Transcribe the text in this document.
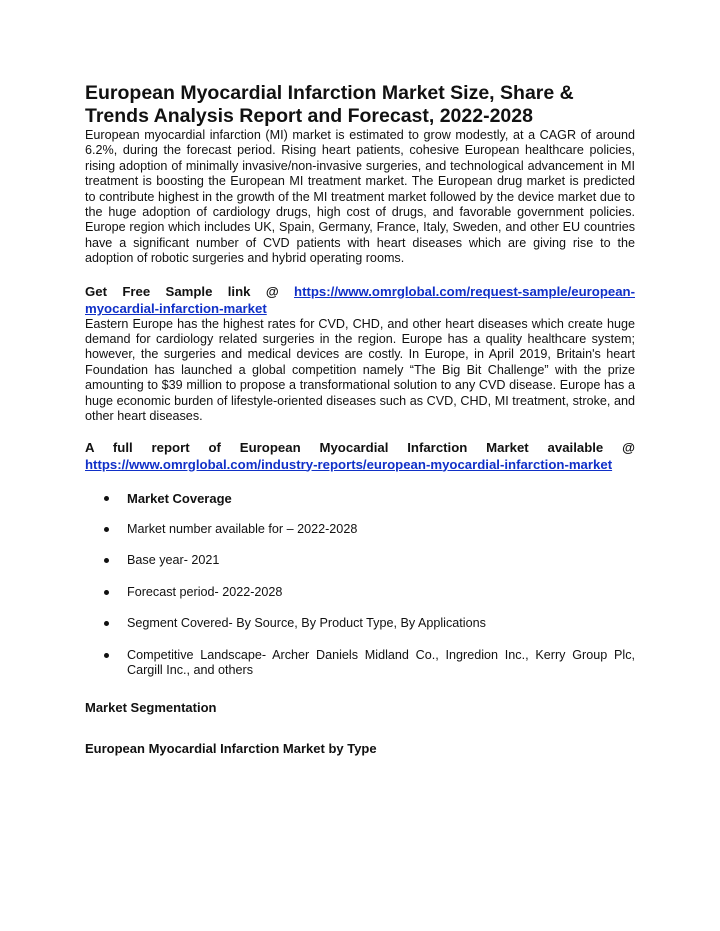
European Myocardial Infarction Market Size, Share & Trends Analysis Report and Forecast, 2022-2028

European myocardial infarction (MI) market is estimated to grow modestly, at a CAGR of around 6.2%, during the forecast period. Rising heart patients, cohesive European healthcare policies, rising adoption of minimally invasive/non-invasive surgeries, and technological advancement in MI treatment is boosting the European MI treatment market. The European drug market is predicted to contribute highest in the growth of the MI treatment market followed by the device market due to the huge adoption of cardiology drugs, high cost of drugs, and favorable government policies. Europe region which includes UK, Spain, Germany, France, Italy, Sweden, and other EU countries have a significant number of CVD patients with heart diseases which are giving rise to the adoption of robotic surgeries and hybrid operating rooms.

Get Free Sample link @ https://www.omrglobal.com/request-sample/european-myocardial-infarction-market

Eastern Europe has the highest rates for CVD, CHD, and other heart diseases which create huge demand for cardiology related surgeries in the region. Europe has a quality healthcare system; however, the surgeries and medical devices are costly. In Europe, in April 2019, Britain's heart Foundation has launched a global competition namely “The Big Bit Challenge” with the prize amounting to $39 million to propose a transformational solution to any CVD disease. Europe has a huge economic burden of lifestyle-oriented diseases such as CVD, CHD, MI treatment, stroke, and other heart diseases.

A full report of European Myocardial Infarction Market available @ https://www.omrglobal.com/industry-reports/european-myocardial-infarction-market

Market Coverage
Market number available for – 2022-2028
Base year- 2021
Forecast period- 2022-2028
Segment Covered- By Source, By Product Type, By Applications
Competitive Landscape- Archer Daniels Midland Co., Ingredion Inc., Kerry Group Plc, Cargill Inc., and others
Market Segmentation
European Myocardial Infarction Market by Type
